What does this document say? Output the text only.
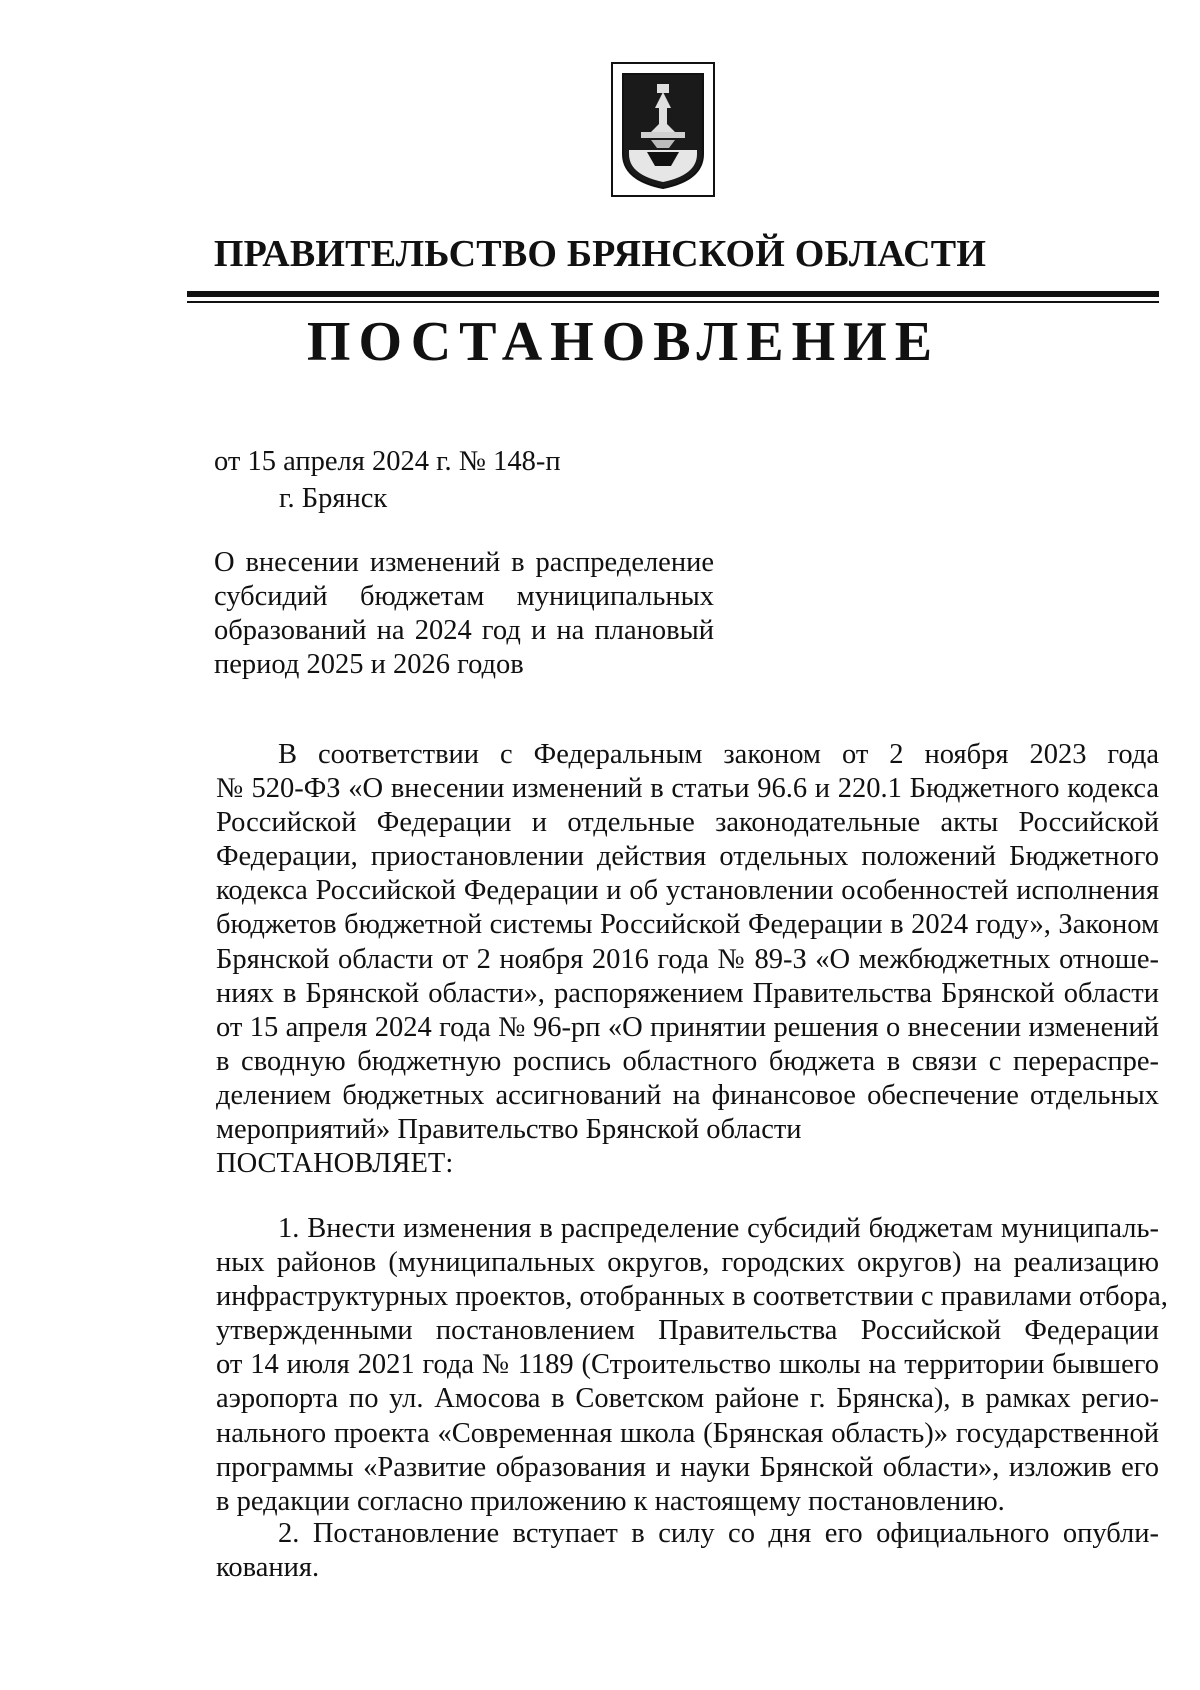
ПРАВИТЕЛЬСТВО БРЯНСКОЙ ОБЛАСТИ
ПОСТАНОВЛЕНИЕ
от 15 апреля 2024 г. № 148-п
г. Брянск
О внесении изменений в распределение
субсидий бюджетам муниципальных
образований на 2024 год и на плановый
период 2025 и 2026 годов
В соответствии с Федеральным законом от 2 ноября 2023 года
№ 520-ФЗ «О внесении изменений в статьи 96.6 и 220.1 Бюджетного кодекса
Российской Федерации и отдельные законодательные акты Российской
Федерации, приостановлении действия отдельных положений Бюджетного
кодекса Российской Федерации и об установлении особенностей исполнения
бюджетов бюджетной системы Российской Федерации в 2024 году», Законом
Брянской области от 2 ноября 2016 года № 89-З «О межбюджетных отноше-
ниях в Брянской области», распоряжением Правительства Брянской области
от 15 апреля 2024 года № 96-рп «О принятии решения о внесении изменений
в сводную бюджетную роспись областного бюджета в связи с перераспре-
делением бюджетных ассигнований на финансовое обеспечение отдельных
мероприятий» Правительство Брянской области
ПОСТАНОВЛЯЕТ:
1. Внести изменения в распределение субсидий бюджетам муниципаль-
ных районов (муниципальных округов, городских округов) на реализацию
инфраструктурных проектов, отобранных в соответствии с правилами отбора,
утвержденными постановлением Правительства Российской Федерации
от 14 июля 2021 года № 1189 (Строительство школы на территории бывшего
аэропорта по ул. Амосова в Советском районе г. Брянска), в рамках регио-
нального проекта «Современная школа (Брянская область)» государственной
программы «Развитие образования и науки Брянской области», изложив его
в редакции согласно приложению к настоящему постановлению.
2. Постановление вступает в силу со дня его официального опубли-
кования.
